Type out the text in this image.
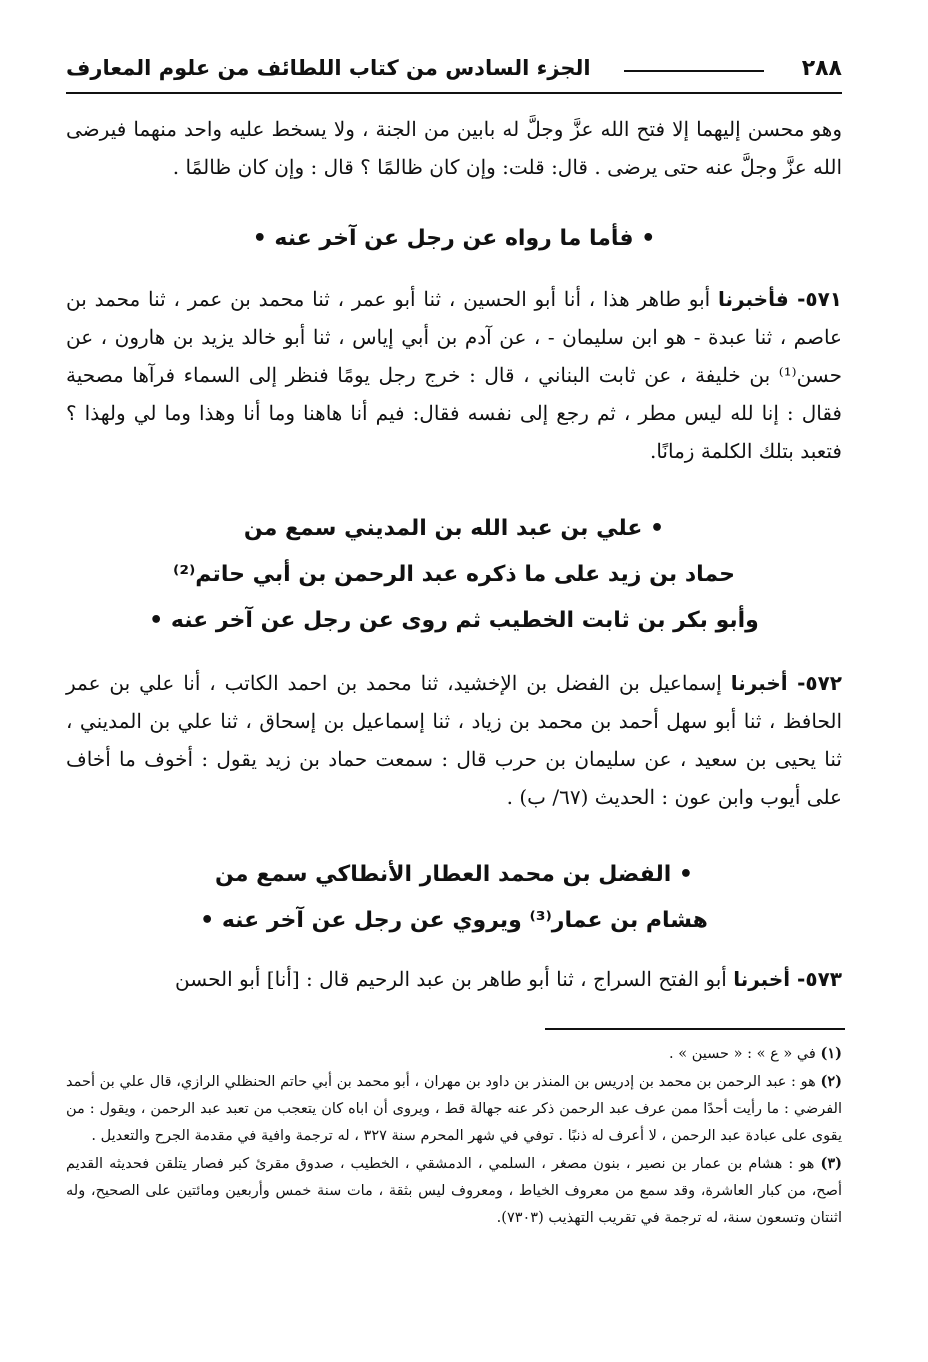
٢٨٨
الجزء السادس من كتاب اللطائف من علوم المعارف

وهو محسن إليهما إلا فتح الله عزَّ وجلَّ له بابين من الجنة ، ولا يسخط عليه واحد منهما فيرضى الله عزَّ وجلَّ عنه حتى يرضى . قال: قلت: وإن كان ظالمًا ؟ قال : وإن كان ظالمًا .

• فأما ما رواه عن رجل عن آخر عنه •

٥٧١- فأخبرنا أبو طاهر هذا ، أنا أبو الحسين ، ثنا أبو عمر ، ثنا محمد بن عمر ، ثنا محمد بن عاصم ، ثنا عبدة - هو ابن سليمان - ، عن آدم بن أبي إياس ، ثنا أبو خالد يزيد بن هارون ، عن حسن⁽¹⁾ بن خليفة ، عن ثابت البناني ، قال : خرج رجل يومًا فنظر إلى السماء فرآها مصحية فقال : إنا لله ليس مطر ، ثم رجع إلى نفسه فقال: فيم أنا هاهنا وما أنا وهذا وما لي ولهذا ؟ فتعبد بتلك الكلمة زمانًا.

• علي بن عبد الله بن المديني سمع من
حماد بن زيد على ما ذكره عبد الرحمن بن أبي حاتم⁽²⁾
وأبو بكر بن ثابت الخطيب ثم روى عن رجل عن آخر عنه •

٥٧٢- أخبرنا إسماعيل بن الفضل بن الإخشيد، ثنا محمد بن احمد الكاتب ، أنا علي بن عمر الحافظ ، ثنا أبو سهل أحمد بن محمد بن زياد ، ثنا إسماعيل بن إسحاق ، ثنا علي بن المديني ، ثنا يحيى بن سعيد ، عن سليمان بن حرب قال : سمعت حماد بن زيد يقول : أخوف ما أخاف على أيوب وابن عون : الحديث (٦٧/ ب) .

• الفضل بن محمد العطار الأنطاكي سمع من
هشام بن عمار⁽³⁾ ويروي عن رجل عن آخر عنه •

٥٧٣- أخبرنا أبو الفتح السراج ، ثنا أبو طاهر بن عبد الرحيم قال : [أنا] أبو الحسن

(١) في « ع » : « حسين » .

(٢) هو : عبد الرحمن بن محمد بن إدريس بن المنذر بن داود بن مهران ، أبو محمد بن أبي حاتم الحنظلي الرازي، قال علي بن أحمد الفرضي : ما رأيت أحدًا ممن عرف عبد الرحمن ذكر عنه جهالة قط ، ويروى أن اباه كان يتعجب من تعبد عبد الرحمن ، ويقول : من يقوى على عبادة عبد الرحمن ، لا أعرف له ذنبًا . توفي في شهر المحرم سنة ٣٢٧ ، له ترجمة وافية في مقدمة الجرح والتعديل .

(٣) هو : هشام بن عمار بن نصير ، بنون مصغر ، السلمي ، الدمشقي ، الخطيب ، صدوق مقرئ كبر فصار يتلقن فحديثه القديم أصح، من كبار العاشرة، وقد سمع من معروف الخياط ، ومعروف ليس بثقة ، مات سنة خمس وأربعين ومائتين على الصحيح، وله اثنتان وتسعون سنة، له ترجمة في تقريب التهذيب (٧٣٠٣).
